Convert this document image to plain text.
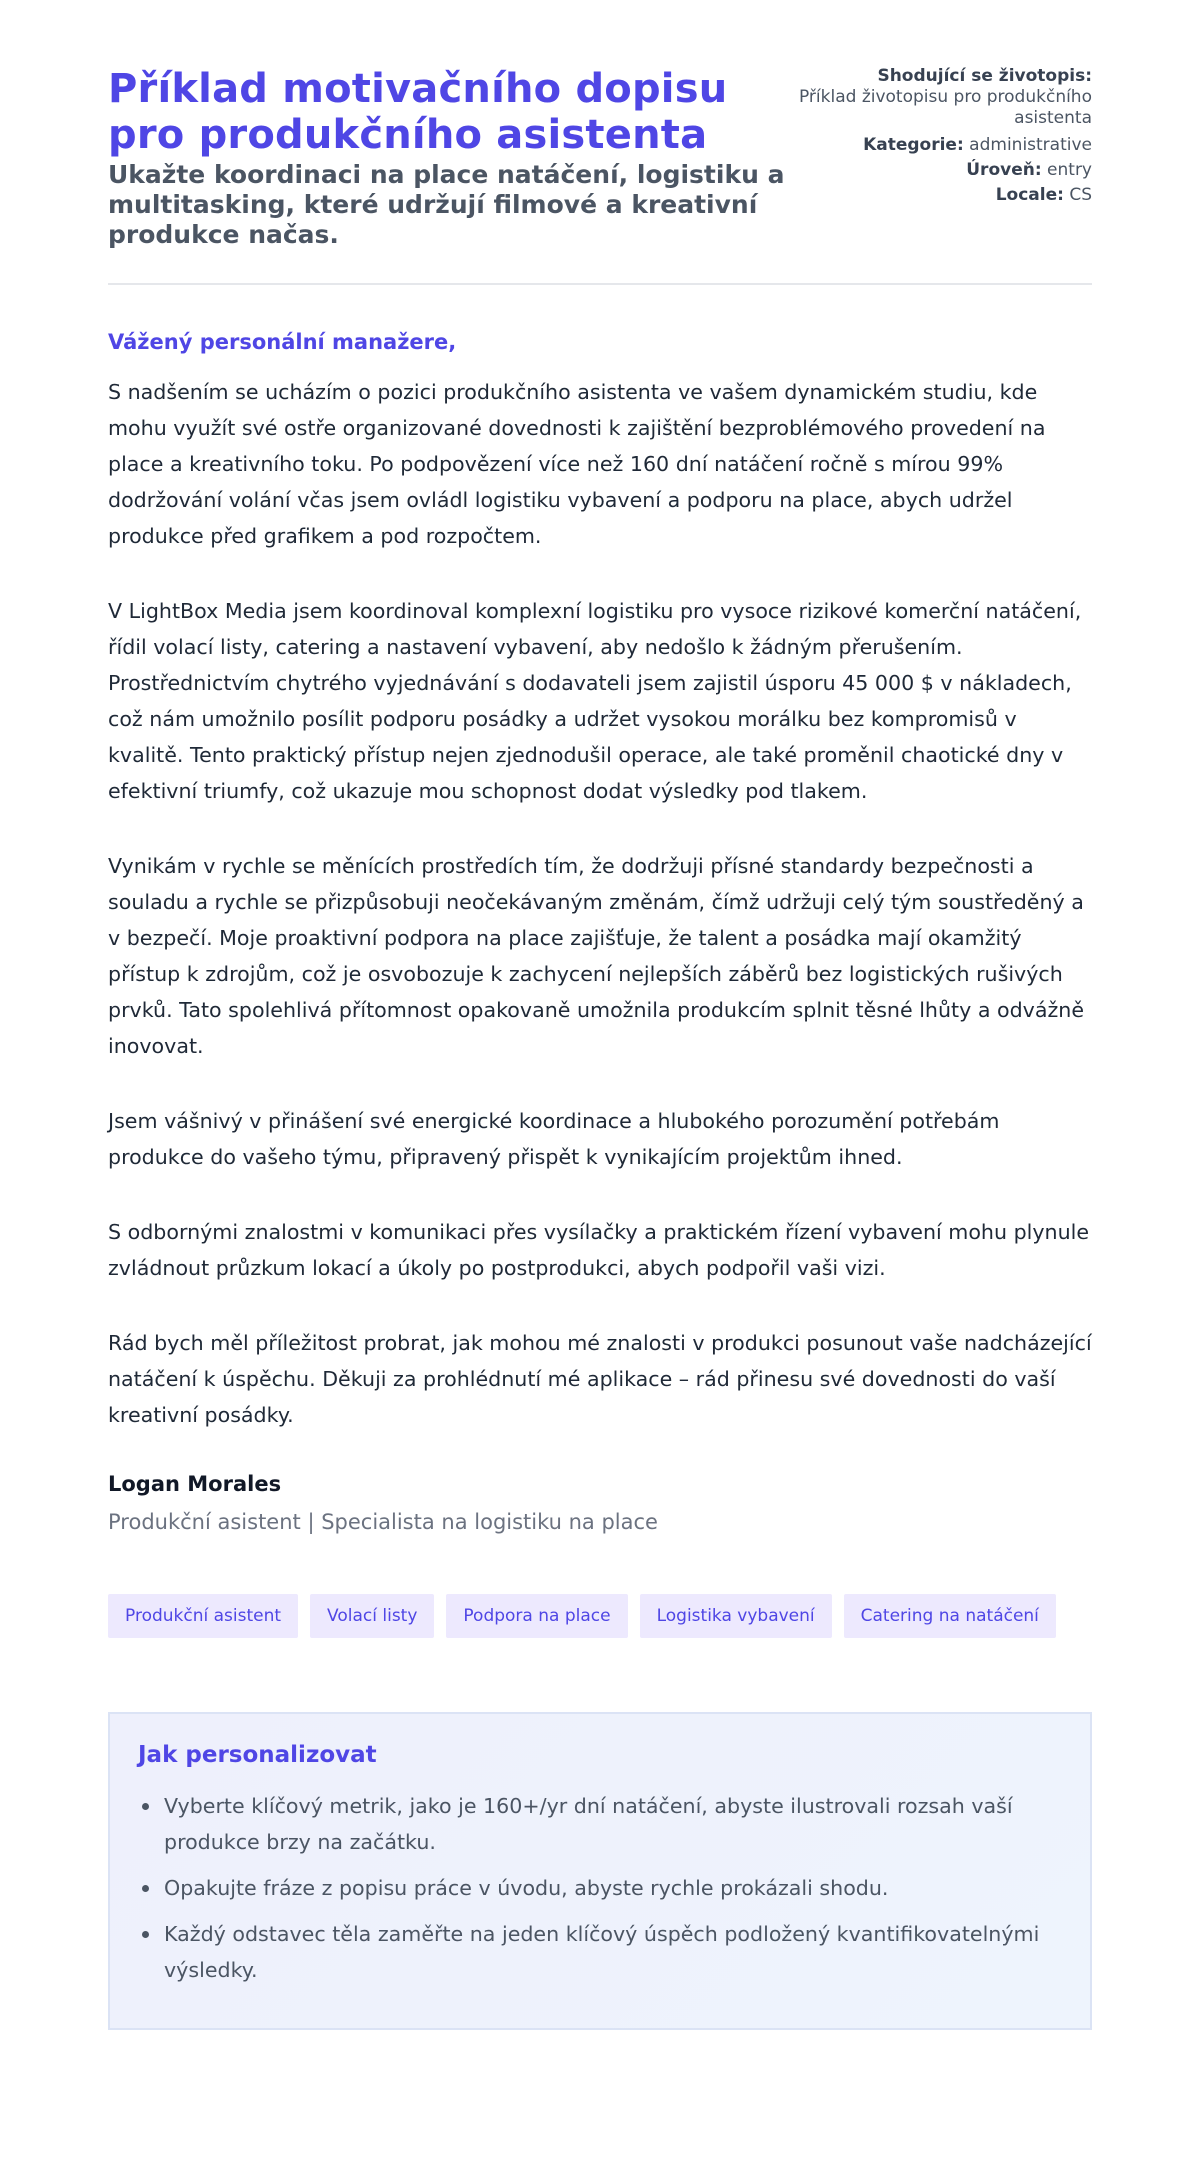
Příklad motivačního dopisu pro produkčního asistenta
Ukažte koordinaci na place natáčení, logistiku a multitasking, které udržují filmové a kreativní produkce načas.
Shodující se životopis:
Příklad životopisu pro produkčního asistenta
Kategorie: administrative
Úroveň: entry
Locale: CS
Vážený personální manažere,

S nadšením se ucházím o pozici produkčního asistenta ve vašem dynamickém studiu, kde mohu využít své ostře organizované dovednosti k zajištění bezproblémového provedení na place a kreativního toku. Po podpovězení více než 160 dní natáčení ročně s mírou 99% dodržování volání včas jsem ovládl logistiku vybavení a podporu na place, abych udržel produkce před grafikem a pod rozpočtem.

V LightBox Media jsem koordinoval komplexní logistiku pro vysoce rizikové komerční natáčení, řídil volací listy, catering a nastavení vybavení, aby nedošlo k žádným přerušením. Prostřednictvím chytrého vyjednávání s dodavateli jsem zajistil úsporu 45 000 $ v nákladech, což nám umožnilo posílit podporu posádky a udržet vysokou morálku bez kompromisů v kvalitě. Tento praktický přístup nejen zjednodušil operace, ale také proměnil chaotické dny v efektivní triumfy, což ukazuje mou schopnost dodat výsledky pod tlakem.

Vynikám v rychle se měnících prostředích tím, že dodržuji přísné standardy bezpečnosti a souladu a rychle se přizpůsobuji neočekávaným změnám, čímž udržuji celý tým soustředěný a v bezpečí. Moje proaktivní podpora na place zajišťuje, že talent a posádka mají okamžitý přístup k zdrojům, což je osvobozuje k zachycení nejlepších záběrů bez logistických rušivých prvků. Tato spolehlivá přítomnost opakovaně umožnila produkcím splnit těsné lhůty a odvážně inovovat.

Jsem vášnivý v přinášení své energické koordinace a hlubokého porozumění potřebám produkce do vašeho týmu, připravený přispět k vynikajícím projektům ihned.

S odbornými znalostmi v komunikaci přes vysílačky a praktickém řízení vybavení mohu plynule zvládnout průzkum lokací a úkoly po postprodukci, abych podpořil vaši vizi.

Rád bych měl příležitost probrat, jak mohou mé znalosti v produkci posunout vaše nadcházející natáčení k úspěchu. Děkuji za prohlédnutí mé aplikace – rád přinesu své dovednosti do vaší kreativní posádky.

Logan Morales
Produkční asistent | Specialista na logistiku na place
Produkční asistent	Volací listy	Podpora na place	Logistika vybavení	Catering na natáčení
Jak personalizovat
Vyberte klíčový metrik, jako je 160+/yr dní natáčení, abyste ilustrovali rozsah vaší produkce brzy na začátku.
Opakujte fráze z popisu práce v úvodu, abyste rychle prokázali shodu.
Každý odstavec těla zaměřte na jeden klíčový úspěch podložený kvantifikovatelnými výsledky.
